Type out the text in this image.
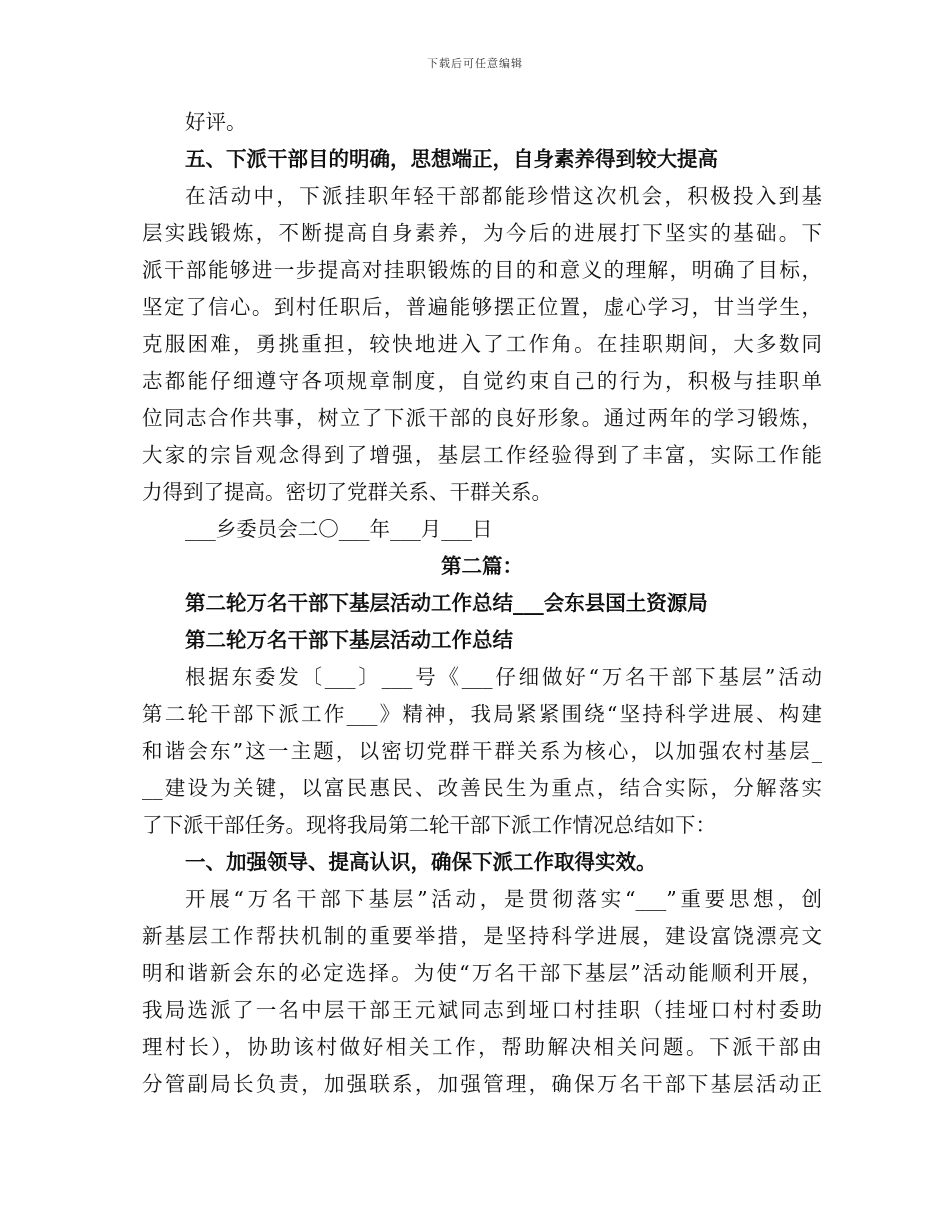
下载后可任意编辑
好评。
五、下派干部目的明确，思想端正，自身素养得到较大提高
在活动中，下派挂职年轻干部都能珍惜这次机会，积极投入到基
层实践锻炼，不断提高自身素养，为今后的进展打下坚实的基础。下
派干部能够进一步提高对挂职锻炼的目的和意义的理解，明确了目标，
坚定了信心。到村任职后，普遍能够摆正位置，虚心学习，甘当学生，
克服困难，勇挑重担，较快地进入了工作角。在挂职期间，大多数同
志都能仔细遵守各项规章制度，自觉约束自己的行为，积极与挂职单
位同志合作共事，树立了下派干部的良好形象。通过两年的学习锻炼，
大家的宗旨观念得到了增强，基层工作经验得到了丰富，实际工作能
力得到了提高。密切了党群关系、干群关系。
___乡委员会二〇___年___月___日
第二篇：
第二轮万名干部下基层活动工作总结___会东县国土资源局
第二轮万名干部下基层活动工作总结
根据东委发〔___〕___号《___仔细做好“万名干部下基层”活动
第二轮干部下派工作___》精神，我局紧紧围绕“坚持科学进展、构建
和谐会东”这一主题，以密切党群干群关系为核心，以加强农村基层_
__建设为关键，以富民惠民、改善民生为重点，结合实际，分解落实
了下派干部任务。现将我局第二轮干部下派工作情况总结如下：
一、加强领导、提高认识，确保下派工作取得实效。
开展“万名干部下基层”活动，是贯彻落实“___”重要思想，创
新基层工作帮扶机制的重要举措，是坚持科学进展，建设富饶漂亮文
明和谐新会东的必定选择。为使“万名干部下基层”活动能顺利开展，
我局选派了一名中层干部王元斌同志到垭口村挂职（挂垭口村村委助
理村长），协助该村做好相关工作，帮助解决相关问题。下派干部由
分管副局长负责，加强联系，加强管理，确保万名干部下基层活动正
